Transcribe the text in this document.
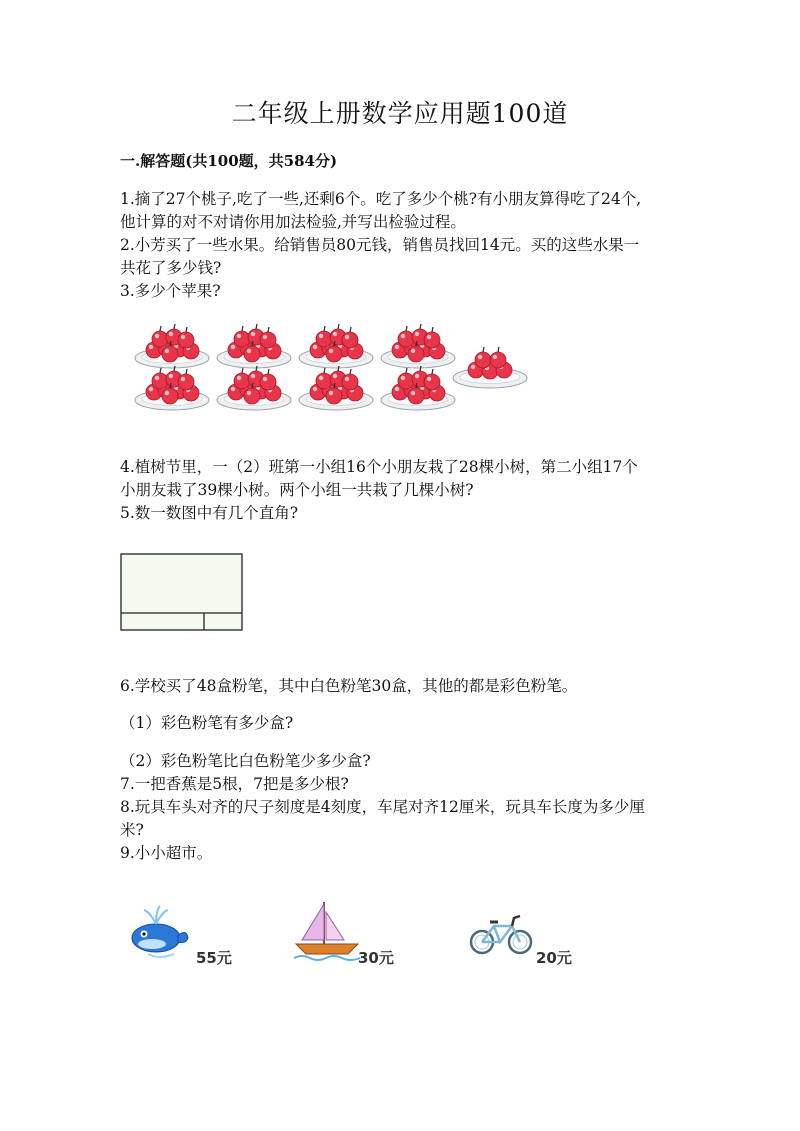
二年级上册数学应用题100道
一.解答题(共100题，共584分)
1.摘了27个桃子,吃了一些,还剩6个。吃了多少个桃?有小朋友算得吃了24个,
他计算的对不对请你用加法检验,并写出检验过程。
2.小芳买了一些水果。给销售员80元钱，销售员找回14元。买的这些水果一
共花了多少钱?
3.多少个苹果?
4.植树节里，一（2）班第一小组16个小朋友栽了28棵小树，第二小组17个
小朋友栽了39棵小树。两个小组一共栽了几棵小树?
5.数一数图中有几个直角?
6.学校买了48盒粉笔，其中白色粉笔30盒，其他的都是彩色粉笔。
（1）彩色粉笔有多少盒?
（2）彩色粉笔比白色粉笔少多少盒?
7.一把香蕉是5根，7把是多少根?
8.玩具车头对齐的尺子刻度是4刻度，车尾对齐12厘米，玩具车长度为多少厘
米?
9.小小超市。
55元	30元	20元
